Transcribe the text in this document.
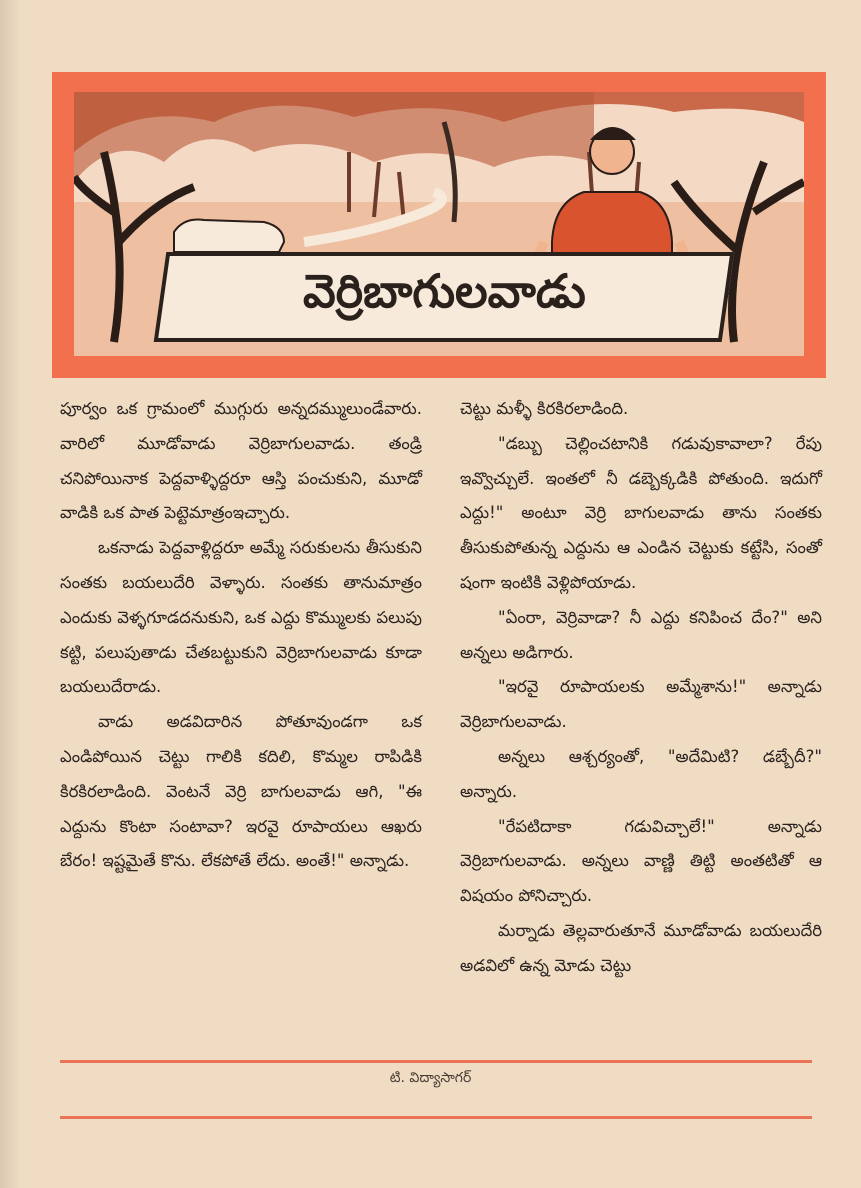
వెర్రిబాగులవాడు

పూర్వం ఒక గ్రామంలో ముగ్గురు అన్నదమ్ములుండేవారు. వారిలో మూడోవాడు వెర్రిబాగులవాడు. తండ్రి చనిపోయినాక పెద్దవాళ్ళిద్దరూ ఆస్తి పంచుకుని, మూడో వాడికి ఒక పాత పెట్టెమాత్రంఇచ్చారు.

ఒకనాడు పెద్దవాళ్లిద్దరూ అమ్మే సరుకులను తీసుకుని సంతకు బయలుదేరి వెళ్ళారు. సంతకు తానుమాత్రం ఎందుకు వెళ్ళగూడదనుకుని, ఒక ఎద్దు కొమ్ములకు పలుపు కట్టి, పలుపుతాడు చేతబట్టుకుని వెర్రిబాగులవాడు కూడా బయలుదేరాడు.

వాడు అడవిదారిన పోతూవుండగా ఒక ఎండిపోయిన చెట్టు గాలికి కదిలి, కొమ్మల రాపిడికి కిరకిరలాడింది. వెంటనే వెర్రి బాగులవాడు ఆగి, "ఈ ఎద్దును కొంటా సంటావా? ఇరవై రూపాయలు ఆఖరు బేరం! ఇష్టమైతే కొను. లేకపోతే లేదు. అంతే!" అన్నాడు.

చెట్టు మళ్ళీ కిరకిరలాడింది.

"డబ్బు చెల్లించటానికి గడువుకావాలా? రేపు ఇవ్వొచ్చులే. ఇంతలో నీ డబ్బెక్కడికి పోతుంది. ఇదుగో ఎద్దు!" అంటూ వెర్రి బాగులవాడు తాను సంతకు తీసుకుపోతున్న ఎద్దును ఆ ఎండిన చెట్టుకు కట్టేసి, సంతో షంగా ఇంటికి వెళ్లిపోయాడు.

"ఏంరా, వెర్రివాడా? నీ ఎద్దు కనిపించ దేం?" అని అన్నలు అడిగారు.

"ఇరవై రూపాయలకు అమ్మేశాను!" అన్నాడు వెర్రిబాగులవాడు.

అన్నలు ఆశ్చర్యంతో, "అదేమిటి? డబ్బేదీ?" అన్నారు.

"రేపటిదాకా గడువిచ్చాలే!" అన్నాడు వెర్రిబాగులవాడు. అన్నలు వాణ్ణి తిట్టి అంతటితో ఆ విషయం పోనిచ్చారు.

మర్నాడు తెల్లవారుతూనే మూడోవాడు బయలుదేరి అడవిలో ఉన్న మోడు చెట్టు

టి. విద్యాసాగర్
